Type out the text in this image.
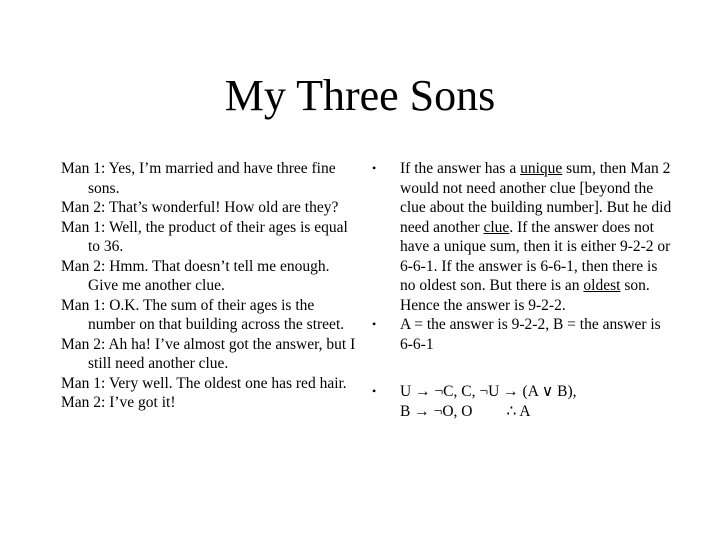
My Three Sons

Man 1: Yes, I’m married and have three fine sons.

Man 2: That’s wonderful! How old are they?

Man 1: Well, the product of their ages is equal to 36.

Man 2: Hmm. That doesn’t tell me enough. Give me another clue.

Man 1: O.K. The sum of their ages is the number on that building across the street.

Man 2: Ah ha! I’ve almost got the answer, but I still need another clue.

Man 1: Very well. The oldest one has red hair.

Man 2: I’ve got it!

• If the answer has a unique sum, then Man 2 would not need another clue [beyond the clue about the building number]. But he did need another clue. If the answer does not have a unique sum, then it is either 9-2-2 or 6-6-1. If the answer is 6-6-1, then there is no oldest son. But there is an oldest son. Hence the answer is 9-2-2.
• A = the answer is 9-2-2, B = the answer is 6-6-1
• U → ¬C, C, ¬U → (A ∨ B),
B → ¬O, O ∴ A
